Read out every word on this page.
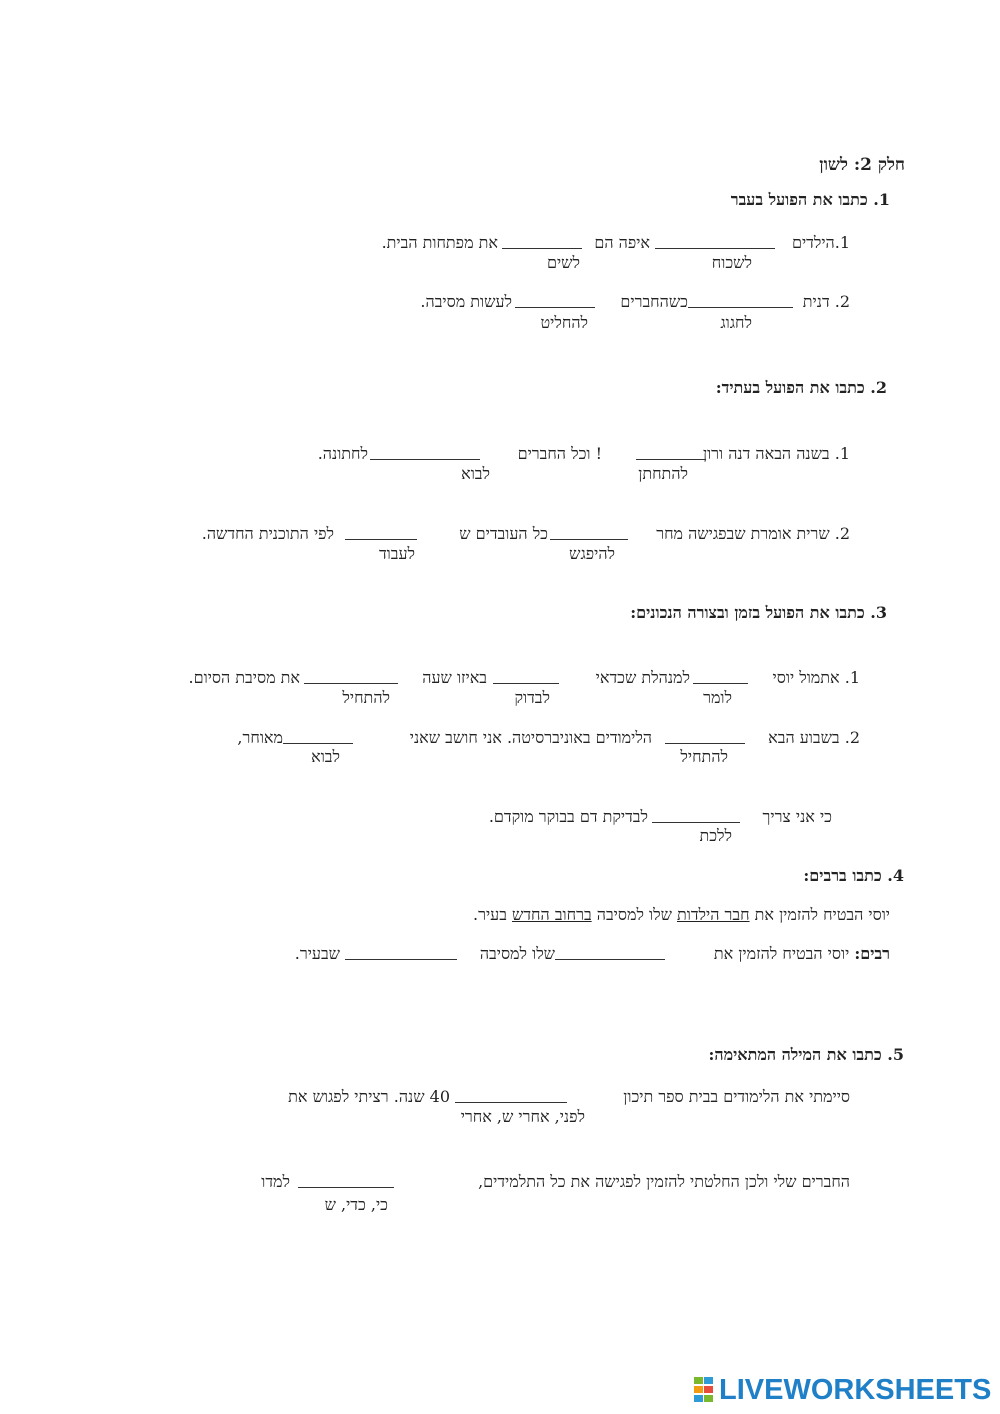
חלק 2: לשון
1. כתבו את הפועל בעבר
1.הילדים
איפה הם
את מפתחות הבית.
לשכוח
לשים
2. דנית
כשהחברים
לעשות מסיבה.
לחגוג
להחליט
2. כתבו את הפועל בעתיד:
1. בשנה הבאה דנה ורון
! וכל החברים
לחתונה.
להתחתן
לבוא
2. שרית אומרת שבפגישה מחר
כל העובדים ש
לפי התוכנית החדשה.
להיפגש
לעבוד
3. כתבו את הפועל בזמן ובצורה הנכונים:
1. אתמול יוסי
למנהלת שכדאי
באיזו שעה
את מסיבת הסיום.
לומר
לבדוק
להתחיל
2. בשבוע הבא
הלימודים באוניברסיטה. אני חושב שאני
מאוחר,
להתחיל
לבוא
כי אני צריך
לבדיקת דם בבוקר מוקדם.
ללכת
4. כתבו ברבים:
יוסי הבטיח להזמין את חבר הילדות שלו למסיבה ברחוב החדש בעיר.
רבים: יוסי הבטיח להזמין את
שלו למסיבה
שבעיר.
5. כתבו את המילה המתאימה:
סיימתי את הלימודים בבית ספר תיכון
40 שנה. רציתי לפגוש את
לפני, אחרי ש, אחרי
החברים שלי ולכן החלטתי להזמין לפגישה את כל התלמידים,
למדו
כי, כדי, ש
LIVEWORKSHEETS
